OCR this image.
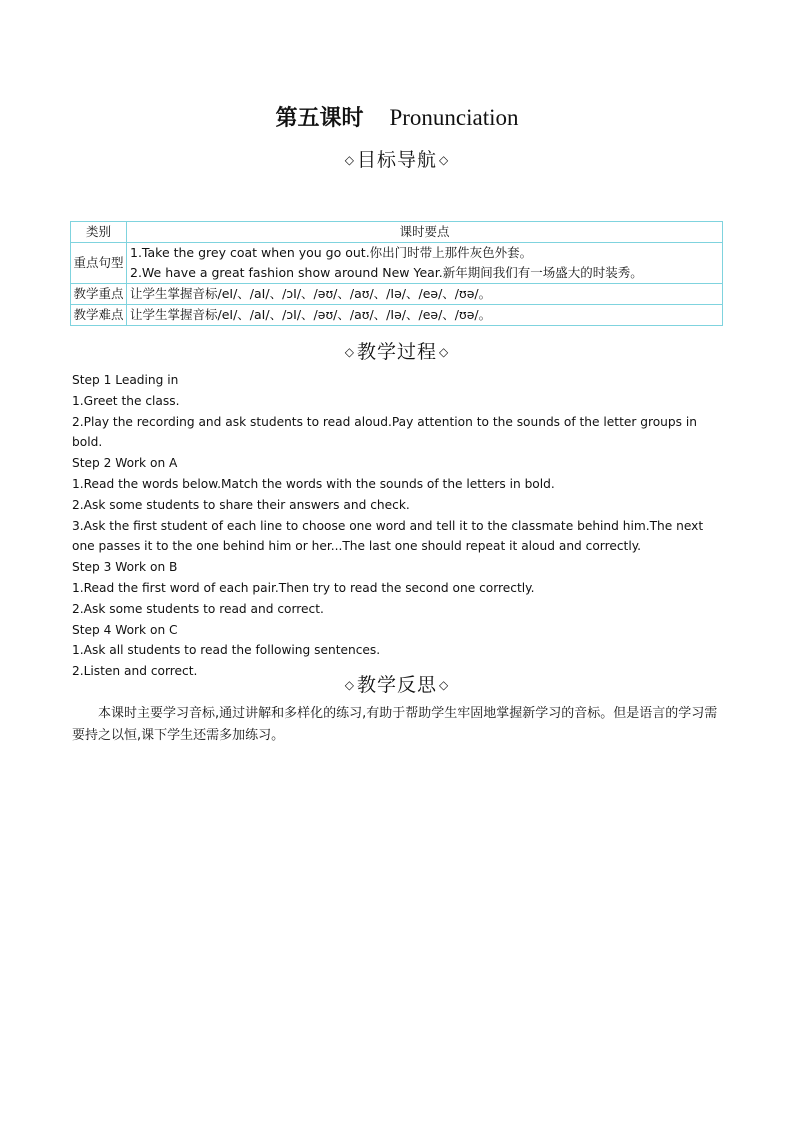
第五课时 Pronunciation
◇ 目标导航 ◇
类别	课时要点
重点句型	1.Take the grey coat when you go out.你出门时带上那件灰色外套。
2.We have a great fashion show around New Year.新年期间我们有一场盛大的时装秀。

教学重点	让学生掌握音标/eI/、/aI/、/ɔI/、/əʊ/、/aʊ/、/Iə/、/eə/、/ʊə/。

教学难点	让学生掌握音标/eI/、/aI/、/ɔI/、/əʊ/、/aʊ/、/Iə/、/eə/、/ʊə/。
◇ 教学过程 ◇

Step 1 Leading in

1.Greet the class.

2.Play the recording and ask students to read aloud.Pay attention to the sounds of the letter groups in bold.

Step 2 Work on A

1.Read the words below.Match the words with the sounds of the letters in bold.

2.Ask some students to share their answers and check.

3.Ask the first student of each line to choose one word and tell it to the classmate behind him.The next one passes it to the one behind him or her...The last one should repeat it aloud and correctly.

Step 3 Work on B

1.Read the first word of each pair.Then try to read the second one correctly.

2.Ask some students to read and correct.

Step 4 Work on C

1.Ask all students to read the following sentences.

2.Listen and correct.

◇ 教学反思 ◇

本课时主要学习音标,通过讲解和多样化的练习,有助于帮助学生牢固地掌握新学习的音标。但是语言的学习需要持之以恒,课下学生还需多加练习。
